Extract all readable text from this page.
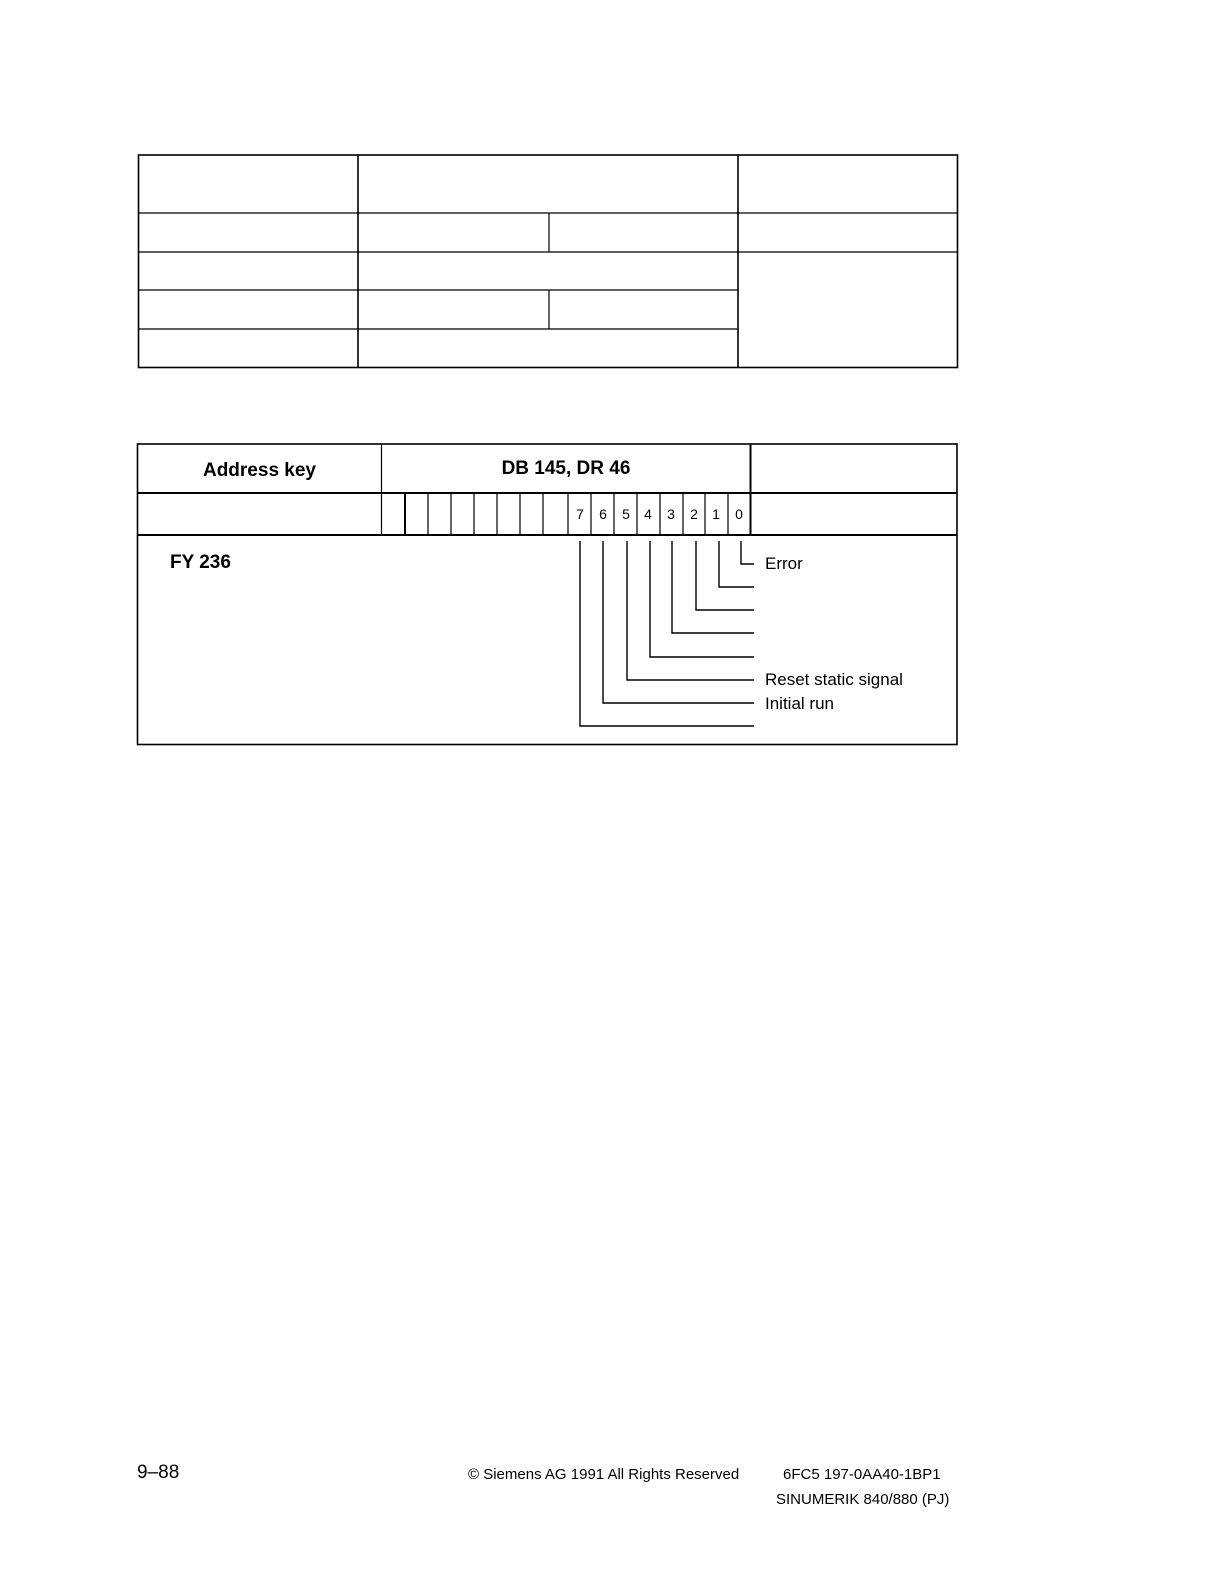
Address key	DB 145, DR 46
7	6	5	4	3	2	1	0
FY 236	Error
Reset static signal
Initial run
9–88	© Siemens AG 1991 All Rights Reserved	6FC5 197-0AA40-1BP1
SINUMERIK 840/880 (PJ)
